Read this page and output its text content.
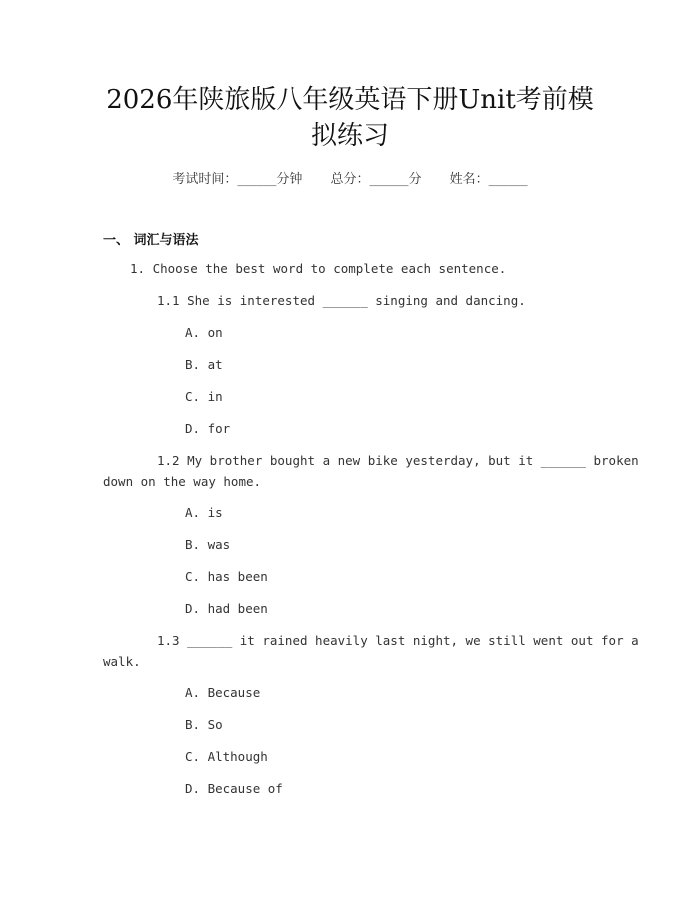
2026年陕旅版八年级英语下册Unit考前模
拟练习
考试时间：______分钟 总分：______分 姓名：______
一、 词汇与语法
1. Choose the best word to complete each sentence.
1.1 She is interested ______ singing and dancing.
A. on
B. at
C. in
D. for
1.2 My brother bought a new bike yesterday, but it ______ broken
down on the way home.
A. is
B. was
C. has been
D. had been
1.3 ______ it rained heavily last night, we still went out for a
walk.
A. Because
B. So
C. Although
D. Because of
